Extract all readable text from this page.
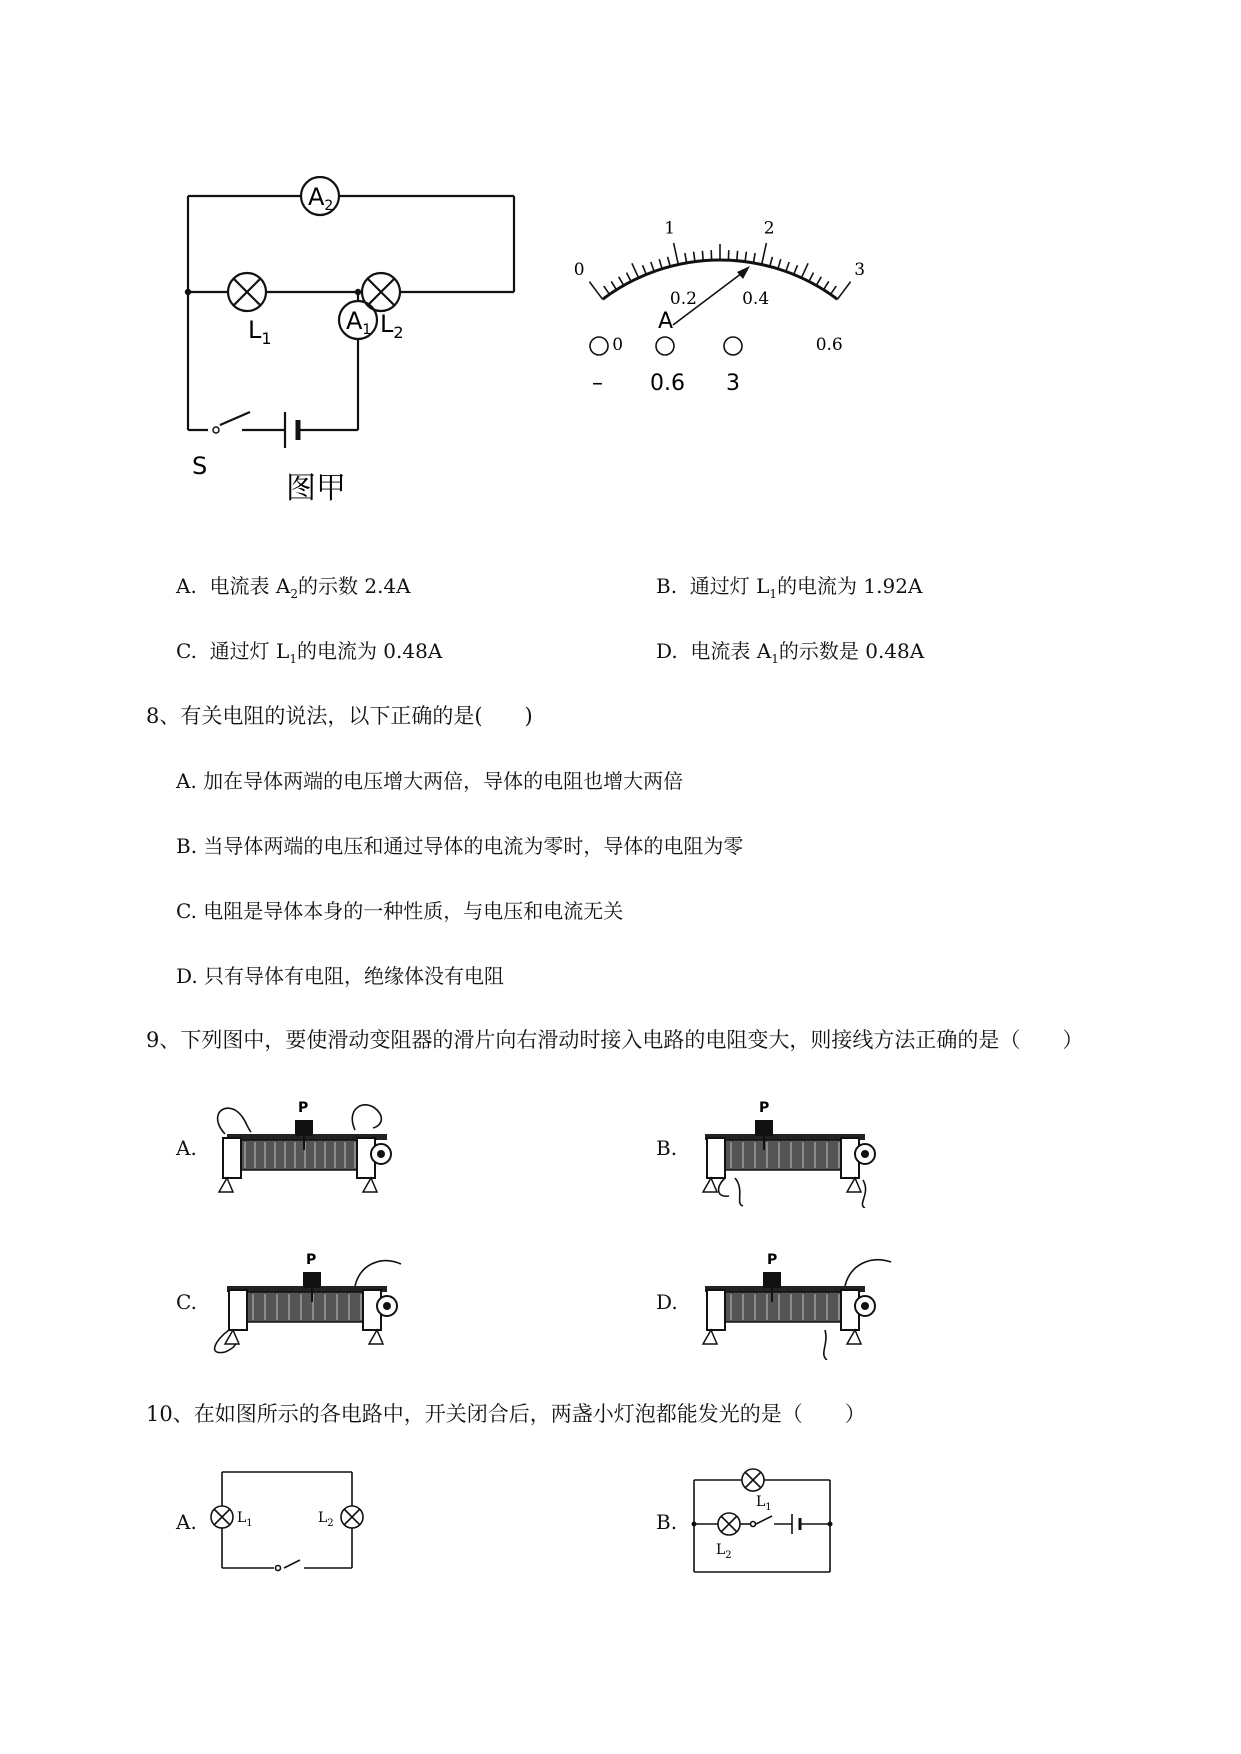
$A_2$
$A_1$
$L_1$
$L_2$
S
图甲
0
1	2
3
0
0.2	0.4
0.6
A
– 0.6 3
A. 电流表 $A_2$的示数 2.4A	B. 通过灯 $L_1$的电流为 1.92A
C. 通过灯 $L_1$的电流为 0.48A	D. 电流表 $A_1$的示数是 0.48A
8、有关电阻的说法，以下正确的是(　　)
A. 加在导体两端的电压增大两倍，导体的电阻也增大两倍
B. 当导体两端的电压和通过导体的电流为零时，导体的电阻为零
C. 电阻是导体本身的一种性质，与电压和电流无关
D. 只有导体有电阻，绝缘体没有电阻
9、下列图中，要使滑动变阻器的滑片向右滑动时接入电路的电阻变大，则接线方法正确的是（　　）
A.	B.
C.	D.
P	P
P	P
10、在如图所示的各电路中，开关闭合后，两盏小灯泡都能发光的是（　　）
A.	B.
$L_1$	$L_2$
$L_1$
$L_2$
